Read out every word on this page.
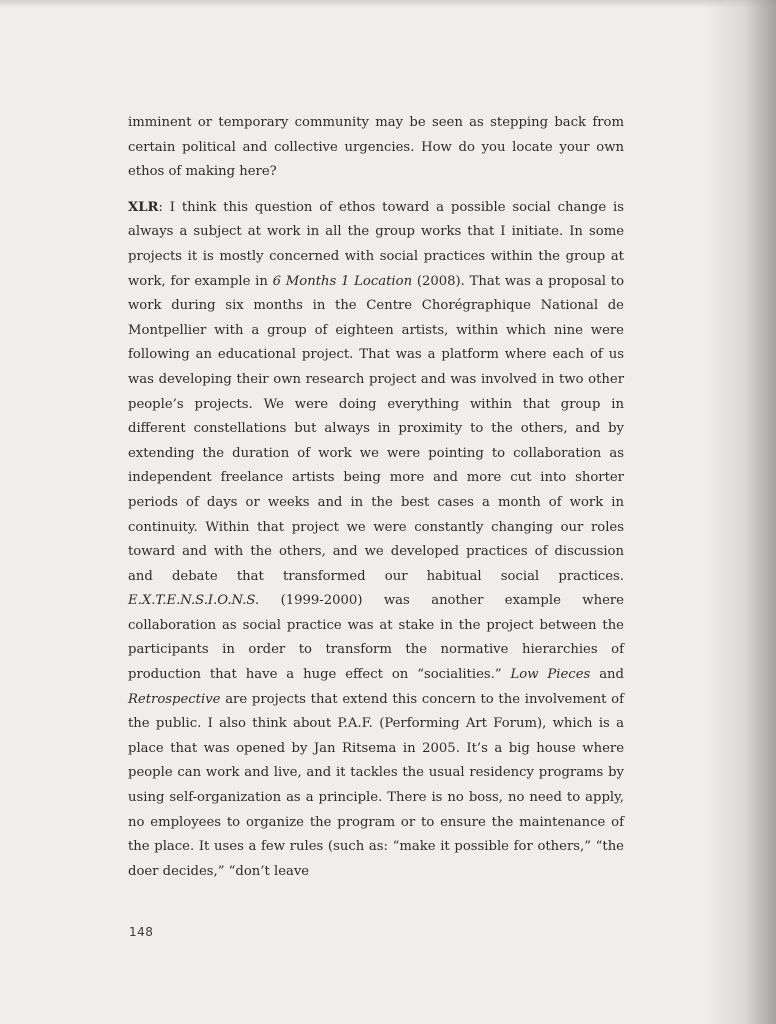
imminent or temporary community may be seen as stepping back from certain political and collective urgencies. How do you locate your own ethos of making here?

XLR: I think this question of ethos toward a possible social change is always a subject at work in all the group works that I initiate. In some projects it is mostly concerned with social practices within the group at work, for example in 6 Months 1 Location (2008). That was a proposal to work during six months in the Centre Chorégraphique National de Montpellier with a group of eighteen artists, within which nine were following an educational project. That was a platform where each of us was developing their own research project and was involved in two other people’s projects. We were doing everything within that group in different constellations but always in proximity to the others, and by extending the duration of work we were pointing to collaboration as independent freelance artists being more and more cut into shorter periods of days or weeks and in the best cases a month of work in continuity. Within that project we were constantly changing our roles toward and with the others, and we developed practices of discussion and debate that transformed our habitual social practices. E.X.T.E.N.S.I.O.N.S. (1999-2000) was another example where collaboration as social practice was at stake in the project between the participants in order to transform the normative hierarchies of production that have a huge effect on “socialities.” Low Pieces and Retrospective are projects that extend this concern to the involvement of the public. I also think about P.A.F. (Performing Art Forum), which is a place that was opened by Jan Ritsema in 2005. It’s a big house where people can work and live, and it tackles the usual residency programs by using self-organization as a principle. There is no boss, no need to apply, no employees to organize the program or to ensure the maintenance of the place. It uses a few rules (such as: “make it possible for others,” “the doer decides,” “don’t leave

148
